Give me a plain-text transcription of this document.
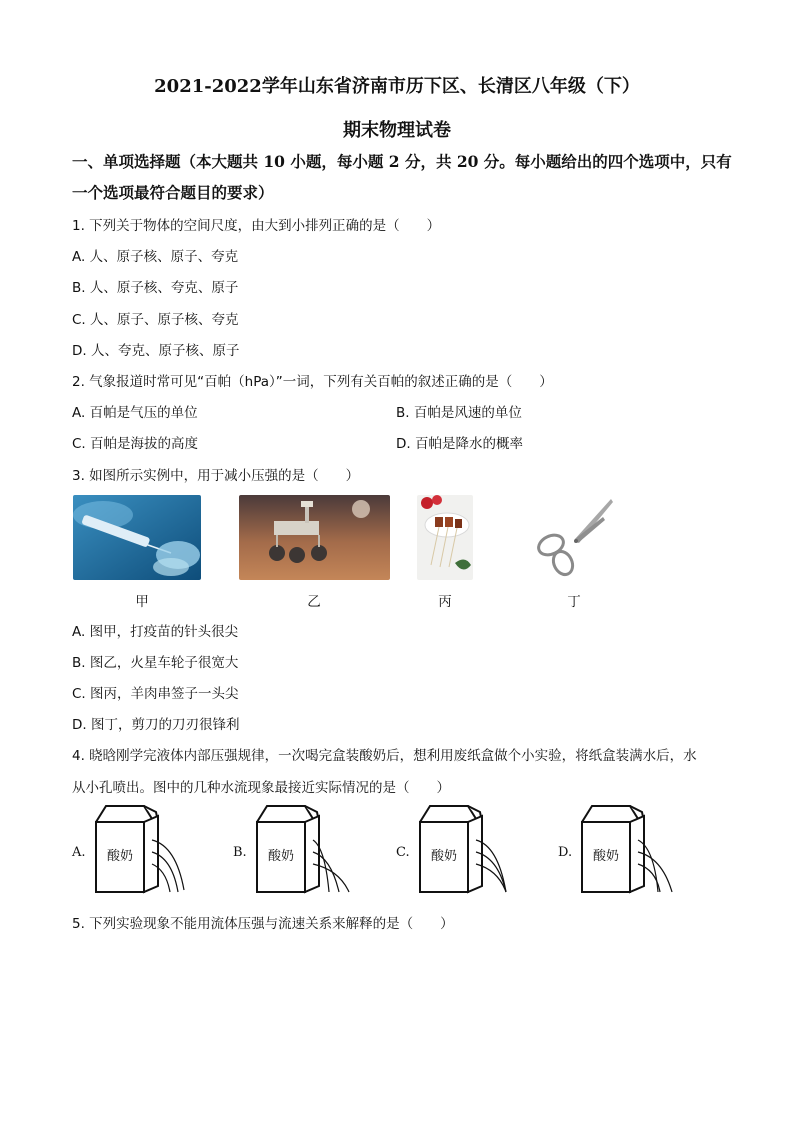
2021-2022学年山东省济南市历下区、长清区八年级（下）
期末物理试卷
一、单项选择题（本大题共 10 小题，每小题 2 分，共 20 分。每小题给出的四个选项中，只有一个选项最符合题目的要求）
1. 下列关于物体的空间尺度，由大到小排列正确的是（　　）
A. 人、原子核、原子、夸克
B. 人、原子核、夸克、原子
C. 人、原子、原子核、夸克
D. 人、夸克、原子核、原子
2. 气象报道时常可见“百帕（hPa）”一词，下列有关百帕的叙述正确的是（　　）
A. 百帕是气压的单位	B. 百帕是风速的单位
C. 百帕是海拔的高度	D. 百帕是降水的概率
3. 如图所示实例中，用于减小压强的是（　　）
甲	乙	丙	丁
A. 图甲，打疫苗的针头很尖
B. 图乙，火星车轮子很宽大
C. 图丙，羊肉串签子一头尖
D. 图丁，剪刀的刀刃很锋利
4. 晓晗刚学完液体内部压强规律，一次喝完盒装酸奶后，想利用废纸盒做个小实验，将纸盒装满水后，水
从小孔喷出。图中的几种水流现象最接近实际情况的是（　　）
A. 酸奶	B. 酸奶	C. 酸奶	D. 酸奶
5. 下列实验现象不能用流体压强与流速关系来解释的是（　　）
